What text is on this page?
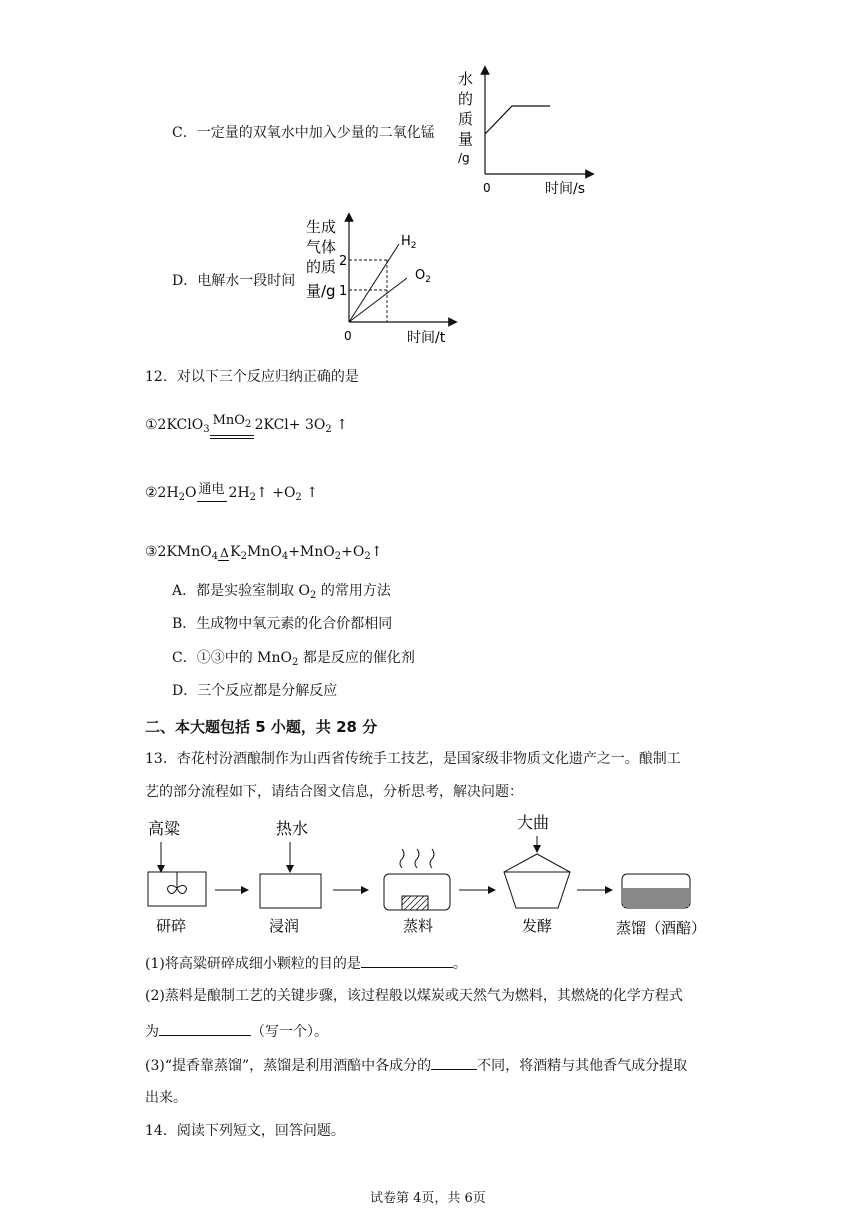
C．一定量的双氧水中加入少量的二氧化锰
水
的
质
量
/g
0	时间/s
D．电解水一段时间
生成
气体
的质
量/g
2
1
$H_2$
$O_2$
0	时间/t
12．对以下三个反应归纳正确的是
①2KClO$_3$
MnO$_2$ $2KCl+ 3O_2$ ↑
$②2H_2O$ 通电 $2H_2↑ +O_2$ ↑
③2KMnO$_4$ Δ $K_2MnO_4+MnO_2+O_2↑$
A．都是实验室制取 $O_2$ 的常用方法
B．生成物中氧元素的化合价都相同
C．①③中的 MnO$_2$ 都是反应的催化剂
D．三个反应都是分解反应
二、本大题包括 5 小题，共 28 分
13．杏花村汾酒酿制作为山西省传统手工技艺，是国家级非物质文化遗产之一。酿制工
艺的部分流程如下，请结合图文信息，分析思考，解决问题：
高粱	热水	大曲
研碎	浸润	蒸料	发酵	蒸馏（酒醅）
(1)将高粱研碎成细小颗粒的目的是	。
(2)蒸料是酿制工艺的关键步骤，该过程般以煤炭或天然气为燃料，其燃烧的化学方程式
为	（写一个）。
(3)“提香靠蒸馏”，蒸馏是利用酒醅中各成分的	不同，将酒精与其他香气成分提取
出来。
14．阅读下列短文，回答问题。
试卷第 4页，共 6页
